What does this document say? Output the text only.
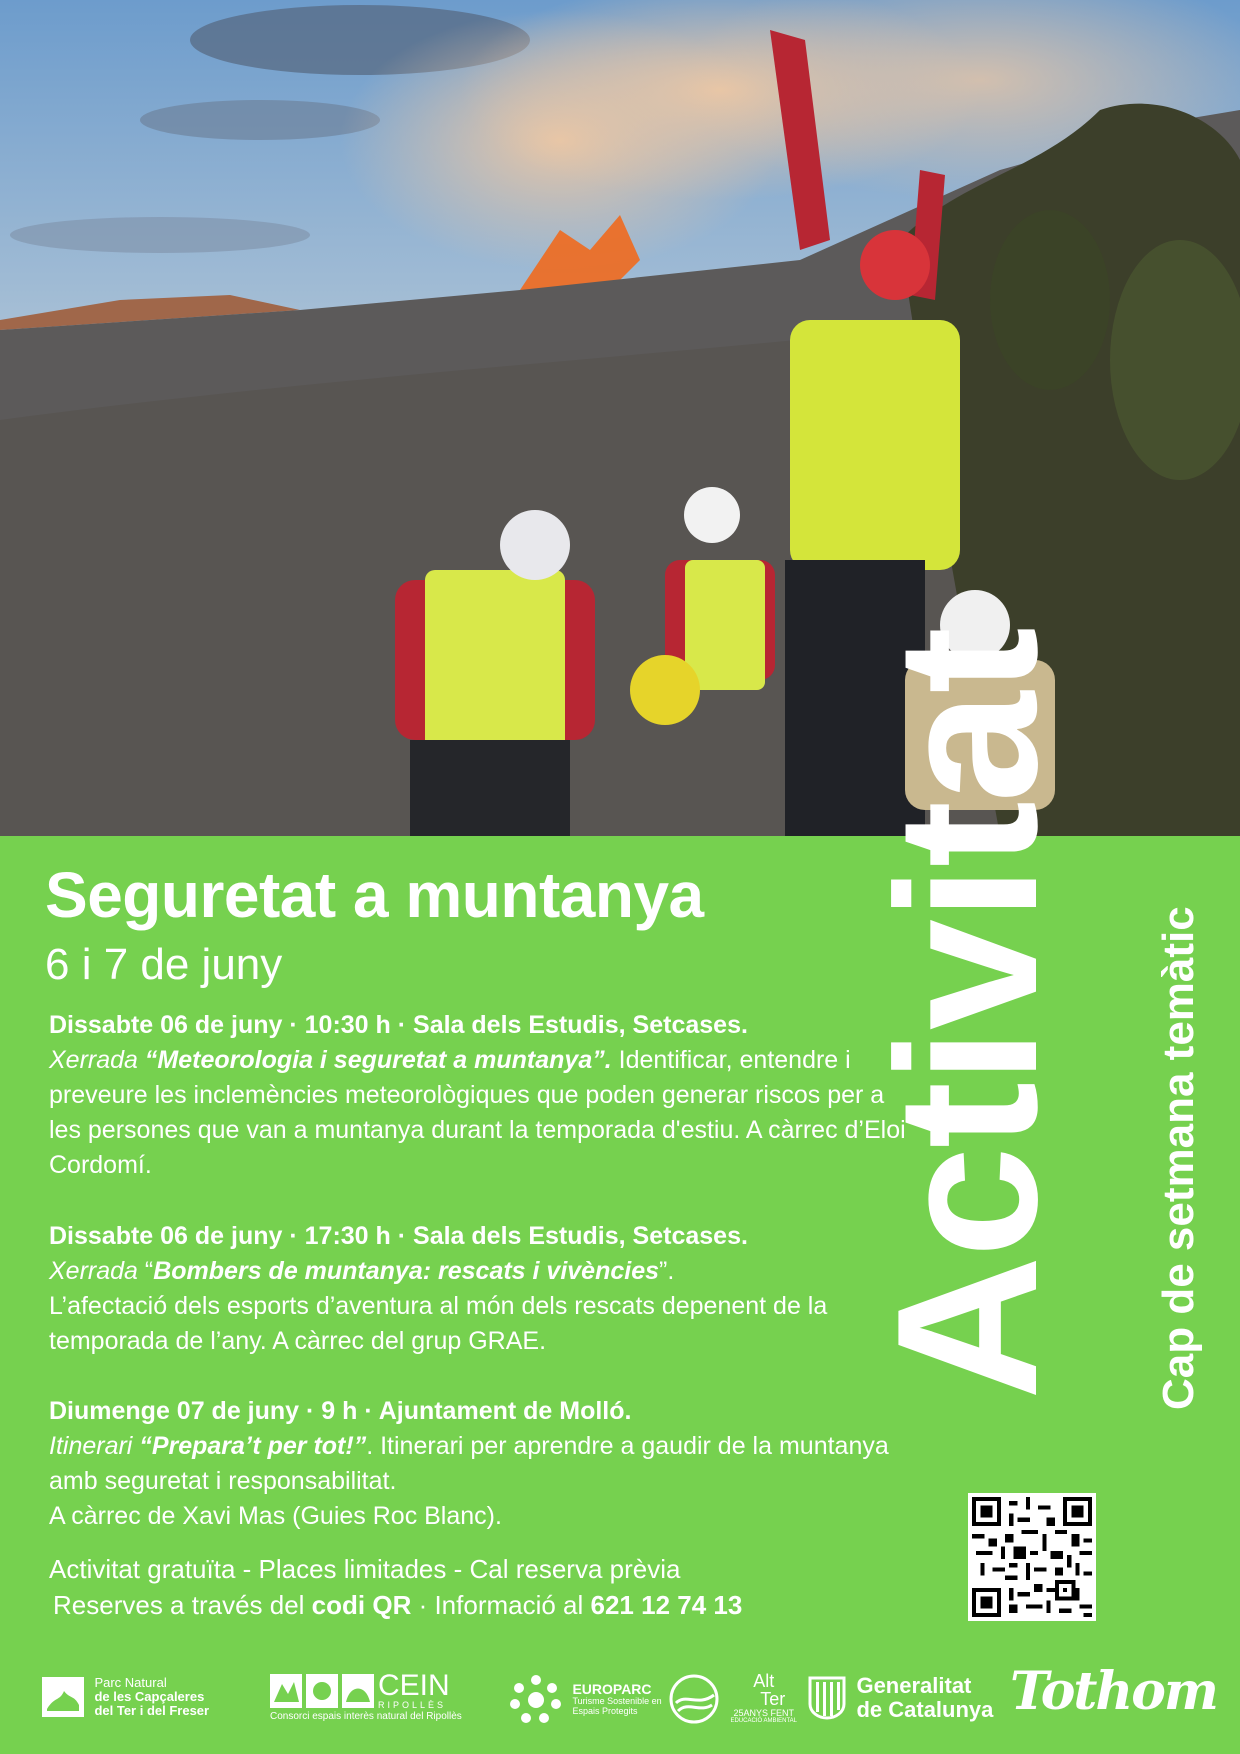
Seguretat a muntanya
6 i 7 de juny
Dissabte 06 de juny · 10:30 h · Sala dels Estudis, Setcases.
Xerrada “Meteorologia i seguretat a muntanya”. Identificar, entendre i preveure les inclemències meteorològiques que poden generar riscos per a les persones que van a muntanya durant la temporada d'estiu. A càrrec d’Eloi Cordomí.
Dissabte 06 de juny · 17:30 h · Sala dels Estudis, Setcases.
Xerrada “Bombers de muntanya: rescats i vivències”.
L’afectació dels esports d’aventura al món dels rescats depenent de la temporada de l’any. A càrrec del grup GRAE.
Diumenge 07 de juny · 9 h · Ajuntament de Molló.
Itinerari “Prepara’t per tot!”. Itinerari per aprendre a gaudir de la muntanya amb seguretat i responsabilitat.
A càrrec de Xavi Mas (Guies Roc Blanc).
Activitat gratuïta - Places limitades - Cal reserva prèvia
Reserves a través del codi QR · Informació al 621 12 74 13
Activitat Cap de setmana temàtic

Parc Natural
de les Capçaleres
del Ter i del Freser
CEIN
RIPOLLÈS
Consorci espais interès natural del Ripollès

EUROPARC
Turisme Sostenible en
Espais Protegits

Alt
Ter
25ANYS FENT
EDUCACIÓ AMBIENTAL

Generalitat
de Catalunya Tothom
